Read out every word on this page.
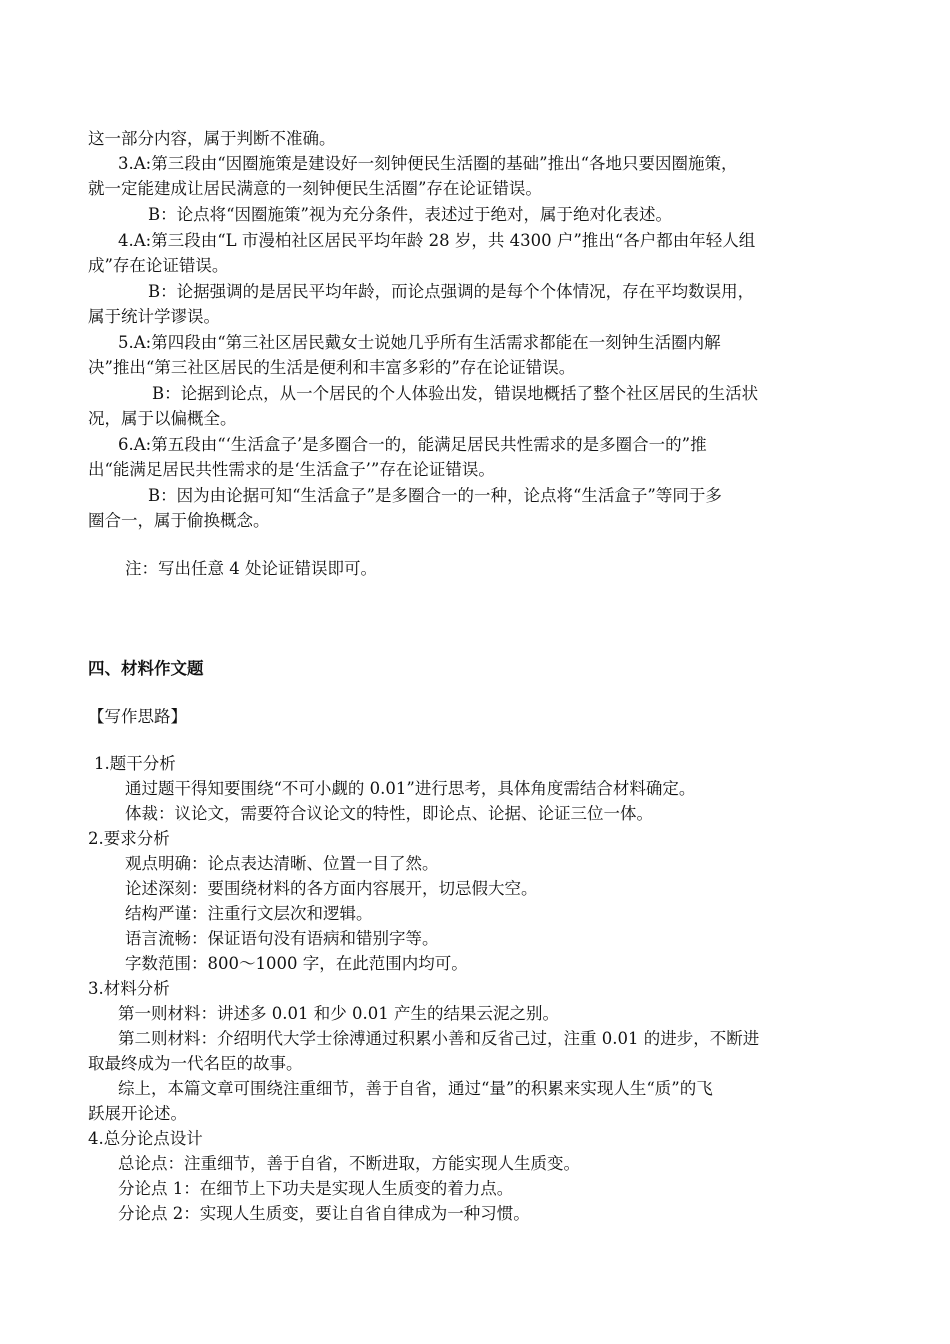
这一部分内容，属于判断不准确。

3.A:第三段由“因圈施策是建设好一刻钟便民生活圈的基础”推出“各地只要因圈施策，

就一定能建成让居民满意的一刻钟便民生活圈”存在论证错误。

B：论点将“因圈施策”视为充分条件，表述过于绝对，属于绝对化表述。

4.A:第三段由“L 市漫柏社区居民平均年龄 28 岁，共 4300 户”推出“各户都由年轻人组

成”存在论证错误。

B：论据强调的是居民平均年龄，而论点强调的是每个个体情况，存在平均数误用，

属于统计学谬误。

5.A:第四段由“第三社区居民戴女士说她几乎所有生活需求都能在一刻钟生活圈内解

决”推出“第三社区居民的生活是便利和丰富多彩的”存在论证错误。

B：论据到论点，从一个居民的个人体验出发，错误地概括了整个社区居民的生活状

况，属于以偏概全。

6.A:第五段由“‘生活盒子’是多圈合一的，能满足居民共性需求的是多圈合一的”推

出“能满足居民共性需求的是‘生活盒子’”存在论证错误。

B：因为由论据可知“生活盒子”是多圈合一的一种，论点将“生活盒子”等同于多

圈合一，属于偷换概念。

注：写出任意 4 处论证错误即可。

四、材料作文题

【写作思路】

1.题干分析

通过题干得知要围绕“不可小觑的 0.01”进行思考，具体角度需结合材料确定。

体裁：议论文，需要符合议论文的特性，即论点、论据、论证三位一体。

2.要求分析

观点明确：论点表达清晰、位置一目了然。

论述深刻：要围绕材料的各方面内容展开，切忌假大空。

结构严谨：注重行文层次和逻辑。

语言流畅：保证语句没有语病和错别字等。

字数范围：800～1000 字，在此范围内均可。

3.材料分析

第一则材料：讲述多 0.01 和少 0.01 产生的结果云泥之别。

第二则材料：介绍明代大学士徐溥通过积累小善和反省己过，注重 0.01 的进步，不断进

取最终成为一代名臣的故事。

综上，本篇文章可围绕注重细节，善于自省，通过“量”的积累来实现人生“质”的飞

跃展开论述。

4.总分论点设计

总论点：注重细节，善于自省，不断进取，方能实现人生质变。

分论点 1：在细节上下功夫是实现人生质变的着力点。

分论点 2：实现人生质变，要让自省自律成为一种习惯。
